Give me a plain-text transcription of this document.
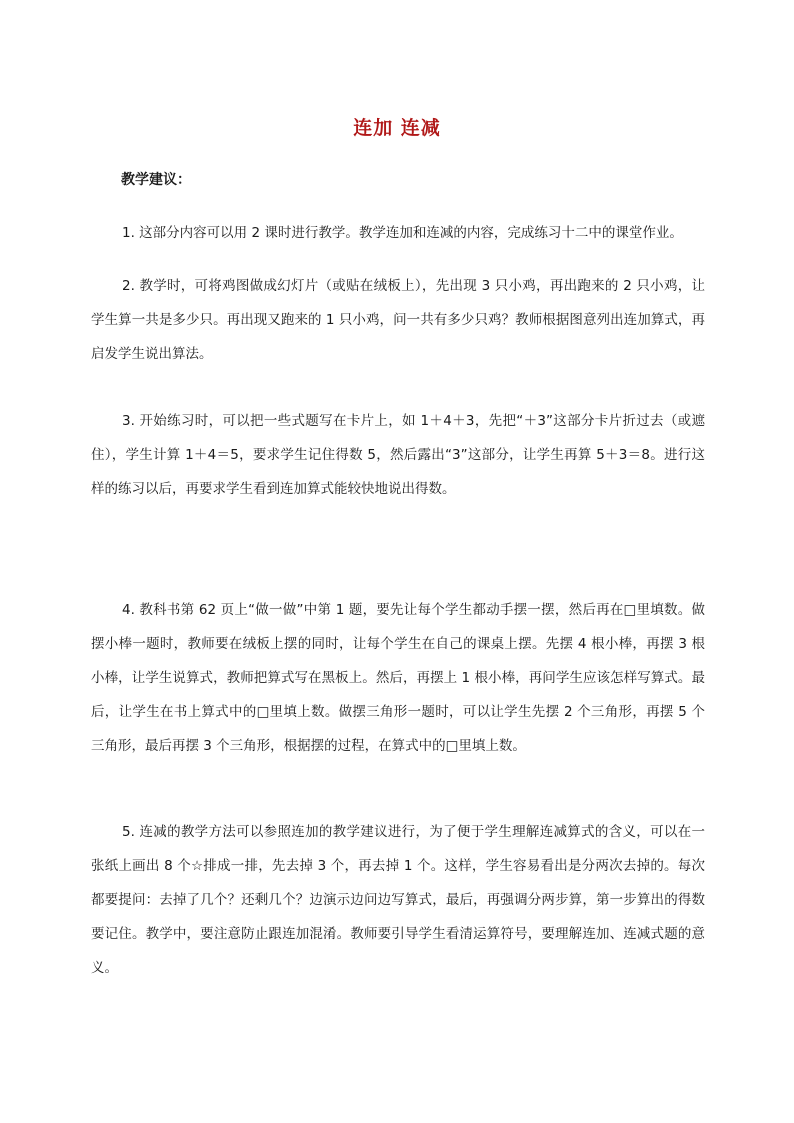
连加 连减
教学建议：

1. 这部分内容可以用 2 课时进行教学。教学连加和连减的内容，完成练习十二中的课堂作业。

2. 教学时，可将鸡图做成幻灯片（或贴在绒板上），先出现 3 只小鸡，再出跑来的 2 只小鸡，让学生算一共是多少只。再出现又跑来的 1 只小鸡，问一共有多少只鸡？教师根据图意列出连加算式，再启发学生说出算法。

3. 开始练习时，可以把一些式题写在卡片上，如 1＋4＋3，先把“＋3”这部分卡片折过去（或遮住），学生计算 1＋4＝5，要求学生记住得数 5，然后露出“3”这部分，让学生再算 5＋3＝8。进行这样的练习以后，再要求学生看到连加算式能较快地说出得数。

4. 教科书第 62 页上“做一做”中第 1 题，要先让每个学生都动手摆一摆，然后再在□里填数。做摆小棒一题时，教师要在绒板上摆的同时，让每个学生在自己的课桌上摆。先摆 4 根小棒，再摆 3 根小棒，让学生说算式，教师把算式写在黑板上。然后，再摆上 1 根小棒，再问学生应该怎样写算式。最后，让学生在书上算式中的□里填上数。做摆三角形一题时，可以让学生先摆 2 个三角形，再摆 5 个三角形，最后再摆 3 个三角形，根据摆的过程，在算式中的□里填上数。

5. 连减的教学方法可以参照连加的教学建议进行，为了便于学生理解连减算式的含义，可以在一张纸上画出 8 个☆排成一排，先去掉 3 个，再去掉 1 个。这样，学生容易看出是分两次去掉的。每次都要提问：去掉了几个？还剩几个？边演示边问边写算式，最后，再强调分两步算，第一步算出的得数要记住。教学中，要注意防止跟连加混淆。教师要引导学生看清运算符号，要理解连加、连减式题的意义。
